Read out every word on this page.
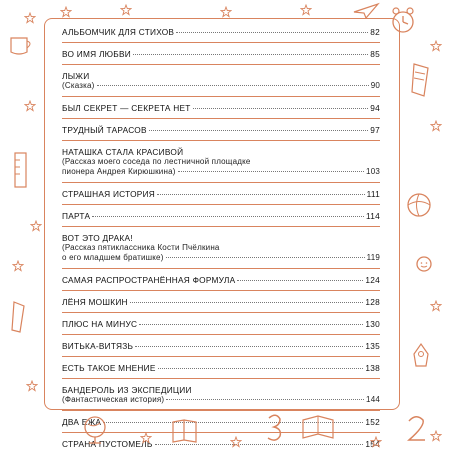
АЛЬБОМЧИК ДЛЯ СТИХОВ	82
ВО ИМЯ ЛЮБВИ	85
ЛЫЖИ
(Сказка)	90
БЫЛ СЕКРЕТ — СЕКРЕТА НЕТ	94
ТРУДНЫЙ ТАРАСОВ	97
НАТАШКА СТАЛА КРАСИВОЙ
(Рассказ моего соседа по лестничной площадке
пионера Андрея Кирюшкина)	103
СТРАШНАЯ ИСТОРИЯ	111
ПАРТА	114
ВОТ ЭТО ДРАКА!
(Рассказ пятиклассника Кости Пчёлкина
о его младшем братишке)	119
САМАЯ РАСПРОСТРАНЁННАЯ ФОРМУЛА	124
ЛЁНЯ МОШКИН	128
ПЛЮС НА МИНУС	130
ВИТЬКА-ВИТЯЗЬ	135
ЕСТЬ ТАКОЕ МНЕНИЕ	138
БАНДЕРОЛЬ ИЗ ЭКСПЕДИЦИИ
(Фантастическая история)	144
ДВА ЕЖА	152
СТРАНА ПУСТОМЕЛЬ	154
